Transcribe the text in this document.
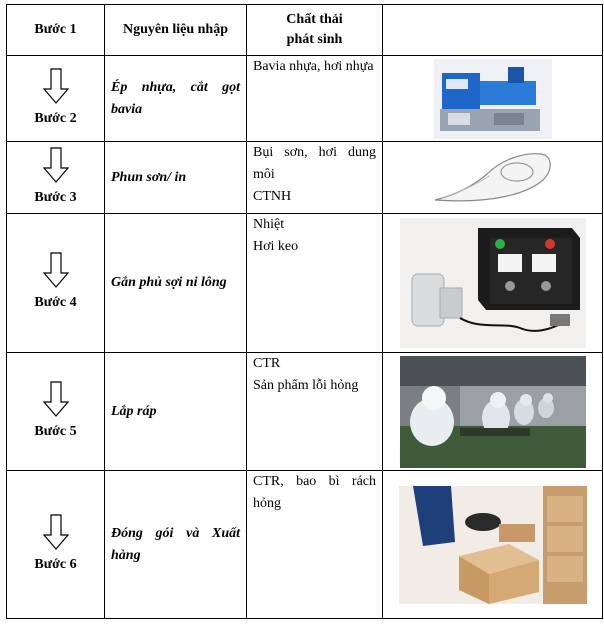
Bước 1	Nguyên liệu nhập	Chất thải
phát sinh	

Bước 2	Ép nhựa, cắt gọt bavia	Bavia nhựa, hơi nhựa

Bước 3	Phun sơn/ in	Bụi sơn, hơi dung môi
CTNH

Bước 4	Gắn phủ sợi ni lông	Nhiệt
Hơi keo

Bước 5	Lắp ráp	CTR
Sản phẩm lỗi hỏng

Bước 6	Đóng gói và Xuất hàng	CTR, bao bì rách hỏng
